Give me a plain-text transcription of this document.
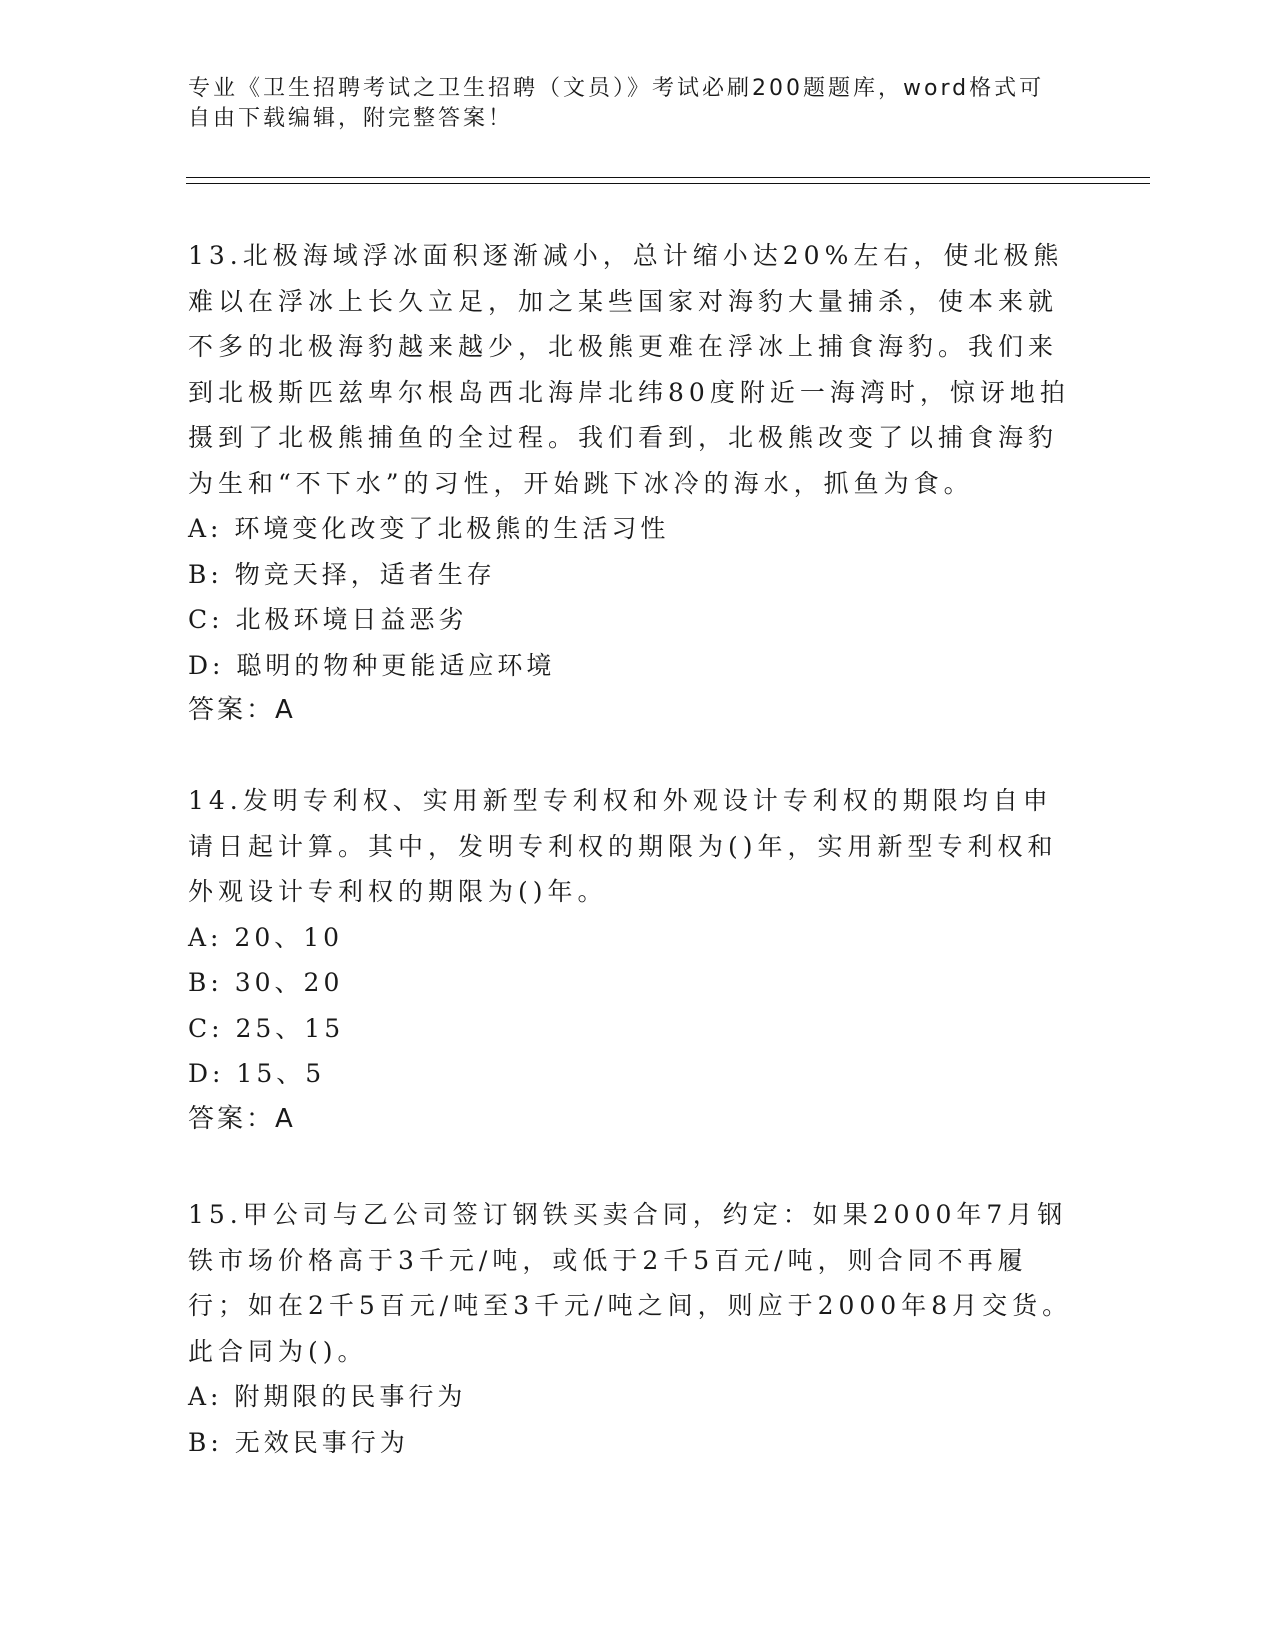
专业《卫生招聘考试之卫生招聘（文员）》考试必刷200题题库，word格式可自由下载编辑，附完整答案！

13.北极海域浮冰面积逐渐减小，总计缩小达20%左右，使北极熊难以在浮冰上长久立足，加之某些国家对海豹大量捕杀，使本来就不多的北极海豹越来越少，北极熊更难在浮冰上捕食海豹。我们来到北极斯匹兹卑尔根岛西北海岸北纬80度附近一海湾时，惊讶地拍摄到了北极熊捕鱼的全过程。我们看到，北极熊改变了以捕食海豹为生和“不下水”的习性，开始跳下冰冷的海水，抓鱼为食。

A: 环境变化改变了北极熊的生活习性

B: 物竞天择，适者生存

C: 北极环境日益恶劣

D: 聪明的物种更能适应环境

答案：A

14.发明专利权、实用新型专利权和外观设计专利权的期限均自申请日起计算。其中，发明专利权的期限为()年，实用新型专利权和外观设计专利权的期限为()年。

A: 20、10

B: 30、20

C: 25、15

D: 15、5

答案：A

15.甲公司与乙公司签订钢铁买卖合同，约定：如果2000年7月钢铁市场价格高于3千元/吨，或低于2千5百元/吨，则合同不再履行；如在2千5百元/吨至3千元/吨之间，则应于2000年8月交货。此合同为()。

A: 附期限的民事行为

B: 无效民事行为
